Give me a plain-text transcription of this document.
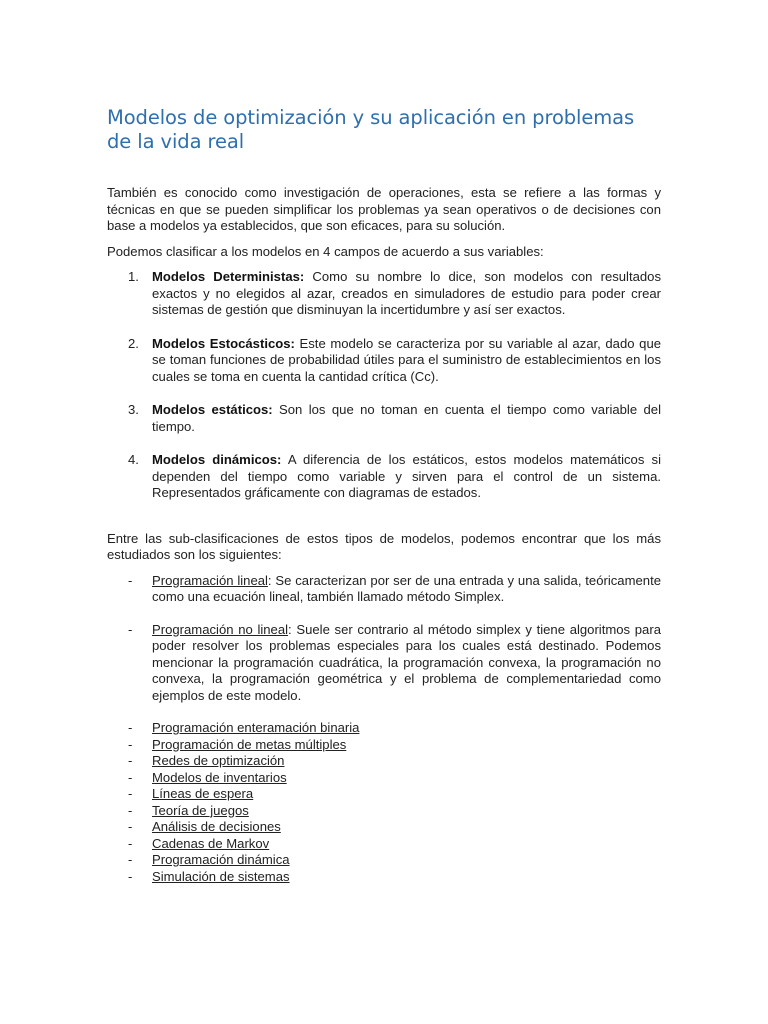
Modelos de optimización y su aplicación en problemas de la vida real

También es conocido como investigación de operaciones, esta se refiere a las formas y técnicas en que se pueden simplificar los problemas ya sean operativos o de decisiones con base a modelos ya establecidos, que son eficaces, para su solución.

Podemos clasificar a los modelos en 4 campos de acuerdo a sus variables:

1. Modelos Deterministas: Como su nombre lo dice, son modelos con resultados exactos y no elegidos al azar, creados en simuladores de estudio para poder crear sistemas de gestión que disminuyan la incertidumbre y así ser exactos.
2. Modelos Estocásticos: Este modelo se caracteriza por su variable al azar, dado que se toman funciones de probabilidad útiles para el suministro de establecimientos en los cuales se toma en cuenta la cantidad crítica (Cc).
3. Modelos estáticos: Son los que no toman en cuenta el tiempo como variable del tiempo.
4. Modelos dinámicos: A diferencia de los estáticos, estos modelos matemáticos si dependen del tiempo como variable y sirven para el control de un sistema. Representados gráficamente con diagramas de estados.

Entre las sub-clasificaciones de estos tipos de modelos, podemos encontrar que los más estudiados son los siguientes:

- Programación lineal: Se caracterizan por ser de una entrada y una salida, teóricamente como una ecuación lineal, también llamado método Simplex.
- Programación no lineal: Suele ser contrario al método simplex y tiene algoritmos para poder resolver los problemas especiales para los cuales está destinado. Podemos mencionar la programación cuadrática, la programación convexa, la programación no convexa, la programación geométrica y el problema de complementariedad como ejemplos de este modelo.
- Programación enteramación binaria
- Programación de metas múltiples
- Redes de optimización
- Modelos de inventarios
- Líneas de espera
- Teoría de juegos
- Análisis de decisiones
- Cadenas de Markov
- Programación dinámica
- Simulación de sistemas
